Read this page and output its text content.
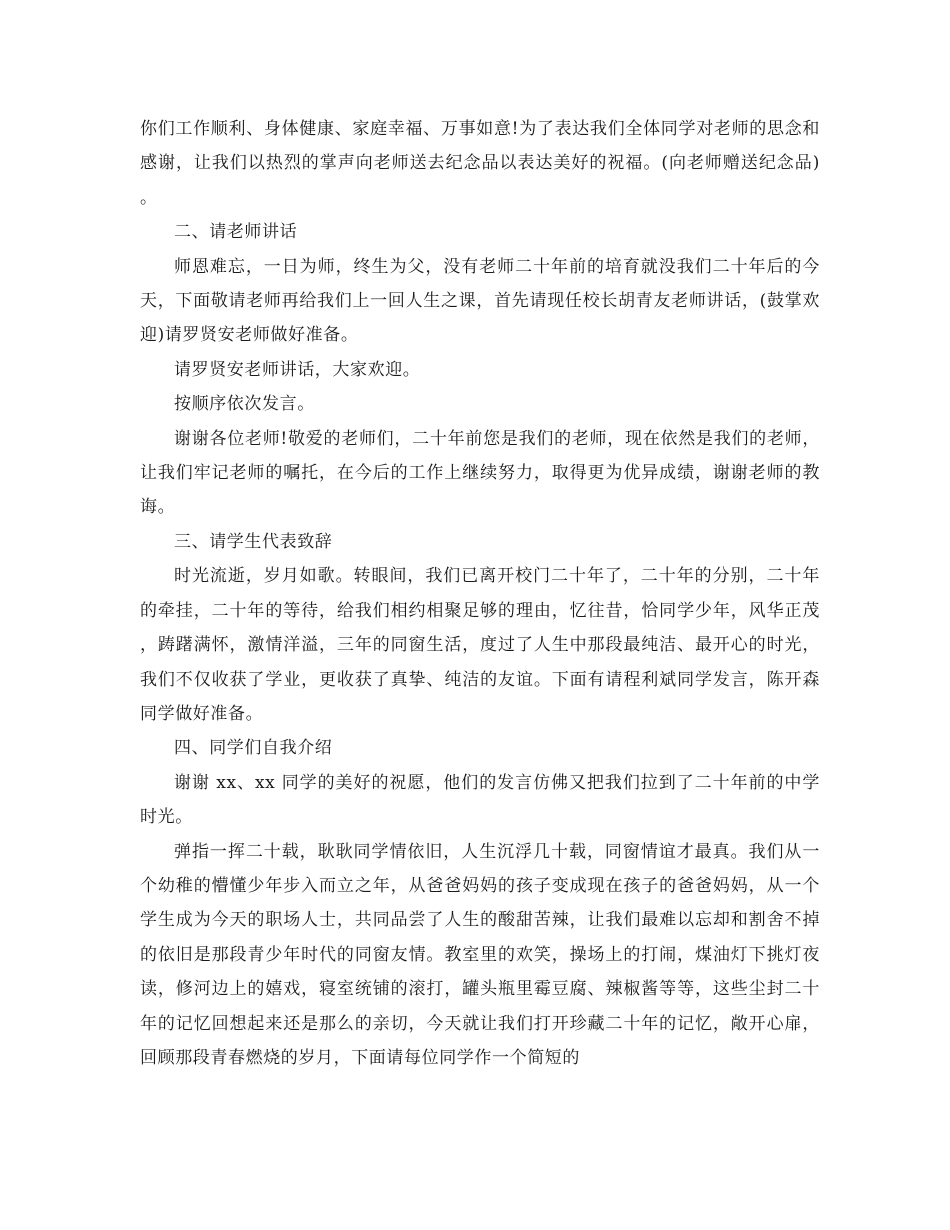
你们工作顺利、身体健康、家庭幸福、万事如意!为了表达我们全体同学对老师的思念和感谢，让我们以热烈的掌声向老师送去纪念品以表达美好的祝福。(向老师赠送纪念品)。

二、请老师讲话

师恩难忘，一日为师，终生为父，没有老师二十年前的培育就没我们二十年后的今天，下面敬请老师再给我们上一回人生之课，首先请现任校长胡青友老师讲话，(鼓掌欢迎)请罗贤安老师做好准备。

请罗贤安老师讲话，大家欢迎。

按顺序依次发言。

谢谢各位老师!敬爱的老师们，二十年前您是我们的老师，现在依然是我们的老师，让我们牢记老师的嘱托，在今后的工作上继续努力，取得更为优异成绩，谢谢老师的教诲。

三、请学生代表致辞

时光流逝，岁月如歌。转眼间，我们已离开校门二十年了，二十年的分别，二十年的牵挂，二十年的等待，给我们相约相聚足够的理由，忆往昔，恰同学少年，风华正茂，踌躇满怀，激情洋溢，三年的同窗生活，度过了人生中那段最纯洁、最开心的时光，我们不仅收获了学业，更收获了真挚、纯洁的友谊。下面有请程利斌同学发言，陈开森同学做好准备。

四、同学们自我介绍

谢谢 xx、xx 同学的美好的祝愿，他们的发言仿佛又把我们拉到了二十年前的中学时光。

弹指一挥二十载，耿耿同学情依旧，人生沉浮几十载，同窗情谊才最真。我们从一个幼稚的懵懂少年步入而立之年，从爸爸妈妈的孩子变成现在孩子的爸爸妈妈，从一个学生成为今天的职场人士，共同品尝了人生的酸甜苦辣，让我们最难以忘却和割舍不掉的依旧是那段青少年时代的同窗友情。教室里的欢笑，操场上的打闹，煤油灯下挑灯夜读，修河边上的嬉戏，寝室统铺的滚打，罐头瓶里霉豆腐、辣椒酱等等，这些尘封二十年的记忆回想起来还是那么的亲切，今天就让我们打开珍藏二十年的记忆，敞开心扉，回顾那段青春燃烧的岁月，下面请每位同学作一个简短的
